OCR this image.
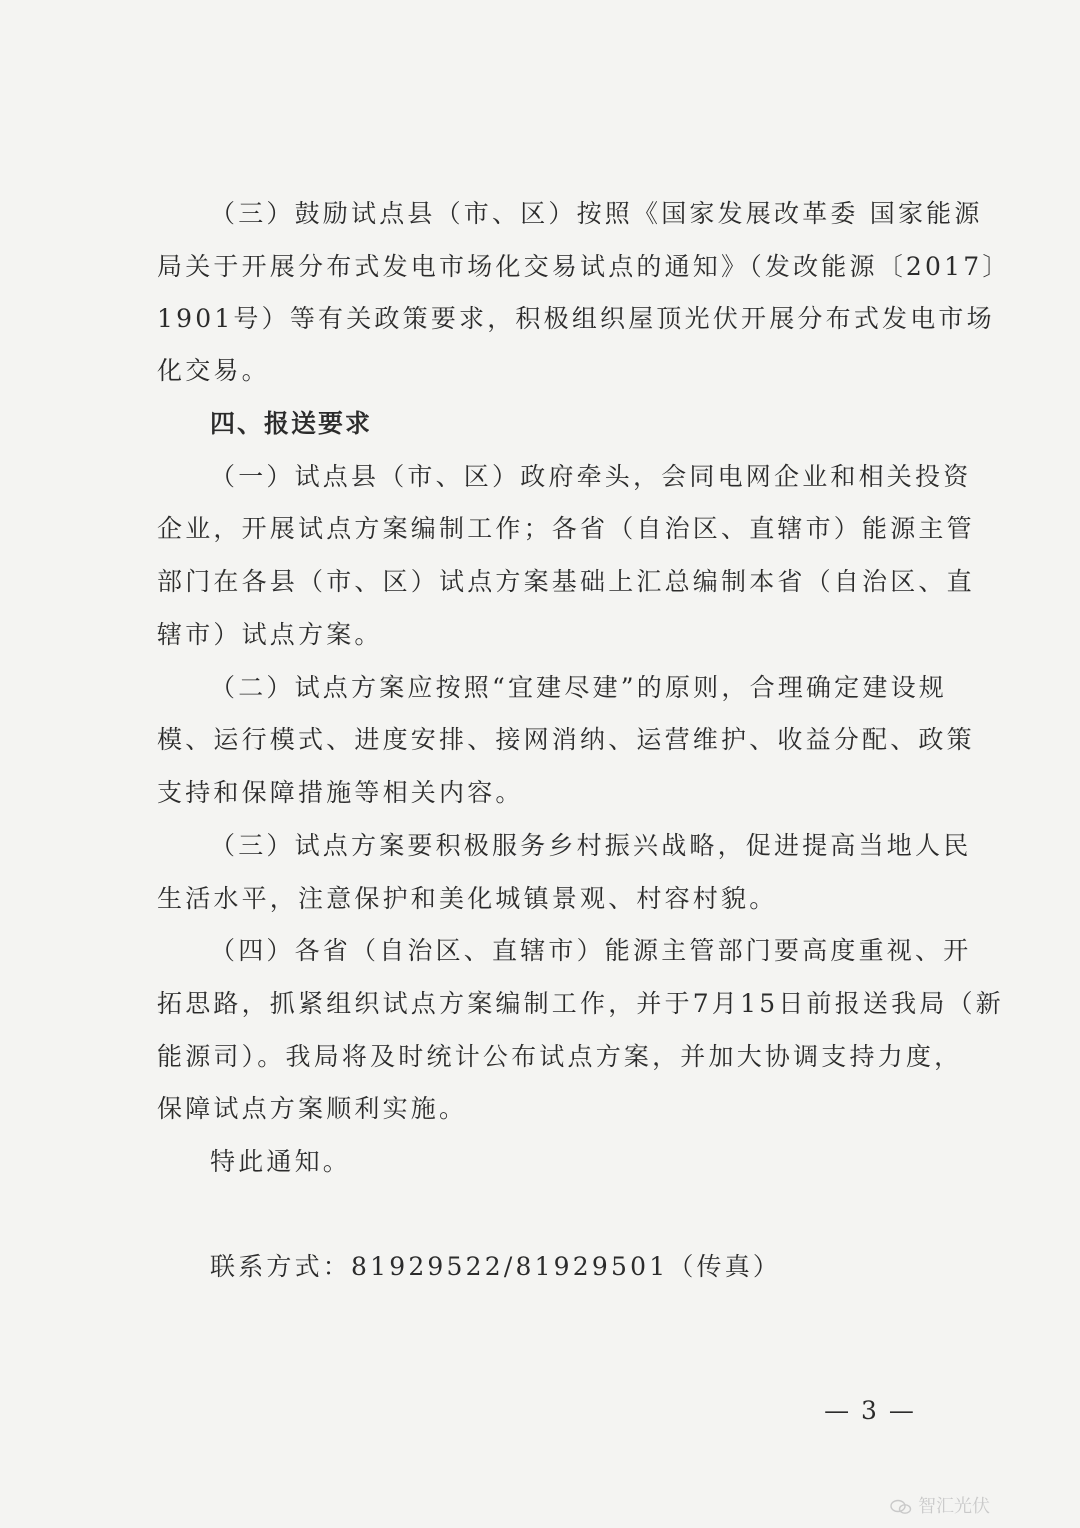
（三）鼓励试点县（市、区）按照《国家发展改革委 国家能源
局关于开展分布式发电市场化交易试点的通知》（发改能源〔2017〕
1901号）等有关政策要求，积极组织屋顶光伏开展分布式发电市场
化交易。
四、报送要求
（一）试点县（市、区）政府牵头，会同电网企业和相关投资
企业，开展试点方案编制工作；各省（自治区、直辖市）能源主管
部门在各县（市、区）试点方案基础上汇总编制本省（自治区、直
辖市）试点方案。
（二）试点方案应按照“宜建尽建”的原则，合理确定建设规
模、运行模式、进度安排、接网消纳、运营维护、收益分配、政策
支持和保障措施等相关内容。
（三）试点方案要积极服务乡村振兴战略，促进提高当地人民
生活水平，注意保护和美化城镇景观、村容村貌。
（四）各省（自治区、直辖市）能源主管部门要高度重视、开
拓思路，抓紧组织试点方案编制工作，并于7月15日前报送我局（新
能源司）。我局将及时统计公布试点方案，并加大协调支持力度，
保障试点方案顺利实施。
特此通知。
联系方式：81929522/81929501（传真）
— 3 —
智汇光伏
